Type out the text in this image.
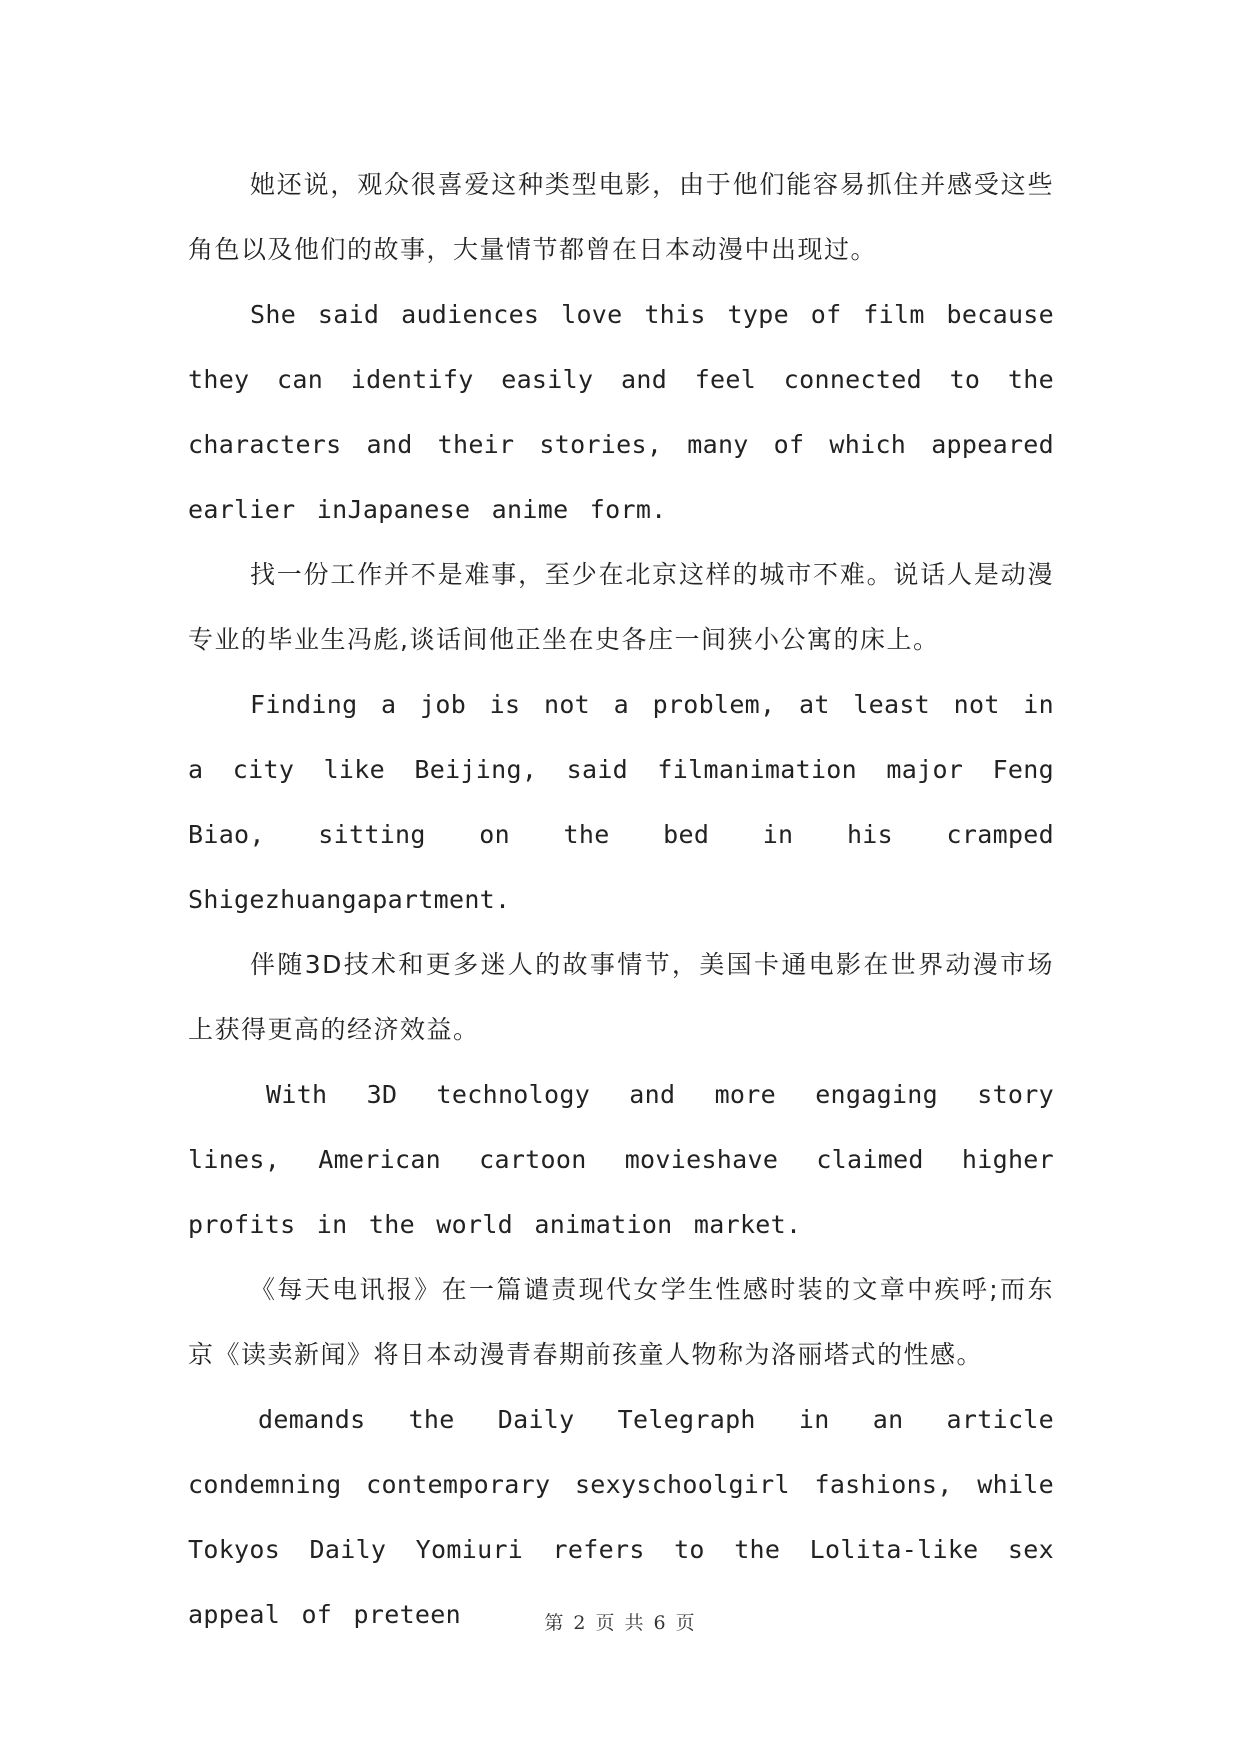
她还说，观众很喜爱这种类型电影，由于他们能容易抓住并感受这些角色以及他们的故事，大量情节都曾在日本动漫中出现过。

She said audiences love this type of film because they can identify easily and feel connected to the characters and their stories, many of which appeared earlier inJapanese anime form.

找一份工作并不是难事，至少在北京这样的城市不难。说话人是动漫专业的毕业生冯彪,谈话间他正坐在史各庄一间狭小公寓的床上。

Finding a job is not a problem, at least not in a city like Beijing, said filmanimation major Feng Biao, sitting on the bed in his cramped Shigezhuangapartment.

伴随3D技术和更多迷人的故事情节，美国卡通电影在世界动漫市场上获得更高的经济效益。

With 3D technology and more engaging story lines, American cartoon movieshave claimed higher profits in the world animation market.

《每天电讯报》在一篇谴责现代女学生性感时装的文章中疾呼;而东京《读卖新闻》将日本动漫青春期前孩童人物称为洛丽塔式的性感。

demands the Daily Telegraph in an article condemning contemporary sexyschoolgirl fashions, while Tokyos Daily Yomiuri refers to the Lolita-like sex appeal of preteen	第 2 页 共 6 页
